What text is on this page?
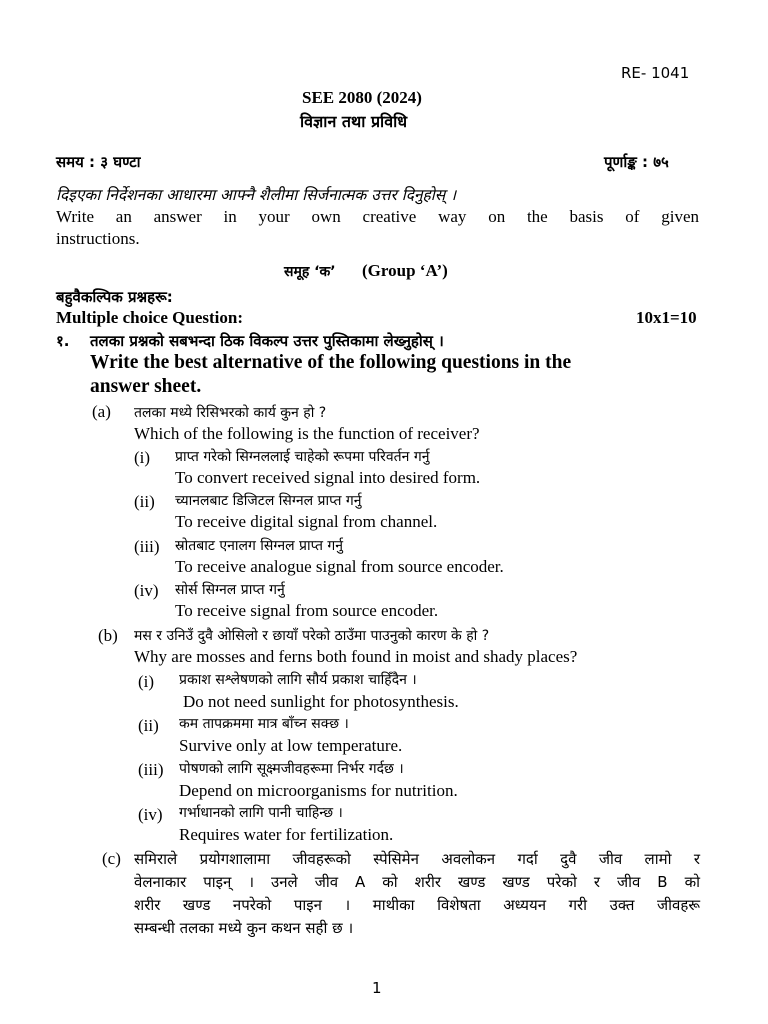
RE- 1041
SEE 2080 (2024)
विज्ञान तथा प्रविधि
समय : ३ घण्टा	पूर्णाङ्क : ७५
दिइएका निर्देशनका आधारमा आफ्नै शैलीमा सिर्जनात्मक उत्तर दिनुहोस् ।
Write an answer in your own creative way on the basis of given
instructions.
समूह ‘क’ (Group ‘A’)
बहुवैकल्पिक प्रश्नहरू:
Multiple choice Question:	10x1=10
१. तलका प्रश्नको सबभन्दा ठिक विकल्प उत्तर पुस्तिकामा लेख्नुहोस् ।
Write the best alternative of the following questions in the
answer sheet.
(a) तलका मध्ये रिसिभरको कार्य कुन हो ?
Which of the following is the function of receiver?
(i) प्राप्त गरेको सिग्नललाई चाहेको रूपमा परिवर्तन गर्नु
To convert received signal into desired form.
(ii) च्यानलबाट डिजिटल सिग्नल प्राप्त गर्नु
To receive digital signal from channel.
(iii) स्रोतबाट एनालग सिग्नल प्राप्त गर्नु
To receive analogue signal from source encoder.
(iv) सोर्स सिग्नल प्राप्त गर्नु
To receive signal from source encoder.
(b) मस र उनिउँ दुवै ओसिलो र छायाँ परेको ठाउँमा पाउनुको कारण के हो ?
Why are mosses and ferns both found in moist and shady places?
(i) प्रकाश सश्लेषणको लागि सौर्य प्रकाश चाहिँदैन ।
Do not need sunlight for photosynthesis.
(ii) कम तापक्रममा मात्र बाँच्न सक्छ ।
Survive only at low temperature.
(iii) पोषणको लागि सूक्ष्मजीवहरूमा निर्भर गर्दछ ।
Depend on microorganisms for nutrition.
(iv) गर्भाधानको लागि पानी चाहिन्छ ।
Requires water for fertilization.
(c) समिराले प्रयोगशालामा जीवहरूको स्पेसिमेन अवलोकन गर्दा दुवै जीव लामो र
वेलनाकार पाइन् । उनले जीव A को शरीर खण्ड खण्ड परेको र जीव B को
शरीर खण्ड नपरेको पाइन । माथीका विशेषता अध्ययन गरी उक्त जीवहरू
सम्बन्धी तलका मध्ये कुन कथन सही छ ।
1
